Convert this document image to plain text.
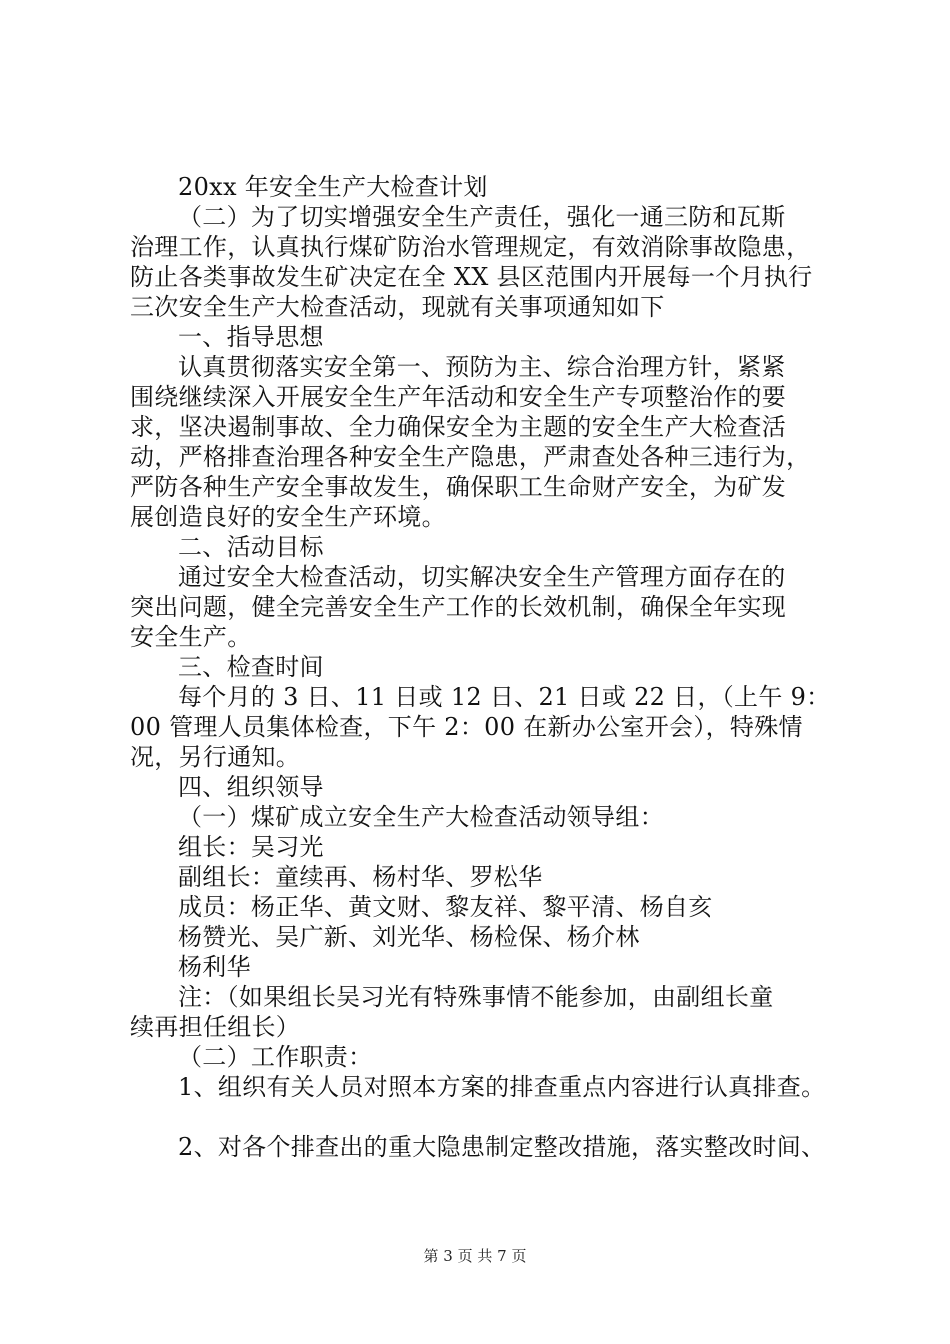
20xx 年安全生产大检查计划
（二）为了切实增强安全生产责任，强化一通三防和瓦斯
治理工作，认真执行煤矿防治水管理规定，有效消除事故隐患，
防止各类事故发生矿决定在全 XX 县区范围内开展每一个月执行
三次安全生产大检查活动，现就有关事项通知如下
一、指导思想
认真贯彻落实安全第一、预防为主、综合治理方针，紧紧
围绕继续深入开展安全生产年活动和安全生产专项整治作的要
求，坚决遏制事故、全力确保安全为主题的安全生产大检查活
动，严格排查治理各种安全生产隐患，严肃查处各种三违行为，
严防各种生产安全事故发生，确保职工生命财产安全，为矿发
展创造良好的安全生产环境。
二、活动目标
通过安全大检查活动，切实解决安全生产管理方面存在的
突出问题，健全完善安全生产工作的长效机制，确保全年实现
安全生产。
三、检查时间
每个月的 3 日、11 日或 12 日、21 日或 22 日，（上午 9：
00 管理人员集体检查，下午 2：00 在新办公室开会），特殊情
况，另行通知。
四、组织领导
（一）煤矿成立安全生产大检查活动领导组：
组长：吴习光
副组长：童续再、杨村华、罗松华
成员：杨正华、黄文财、黎友祥、黎平清、杨自亥
杨赞光、吴广新、刘光华、杨检保、杨介林
杨利华
注：（如果组长吴习光有特殊事情不能参加，由副组长童
续再担任组长）
（二）工作职责：
1、组织有关人员对照本方案的排查重点内容进行认真排查。
2、对各个排查出的重大隐患制定整改措施，落实整改时间、
第 3 页 共 7 页
